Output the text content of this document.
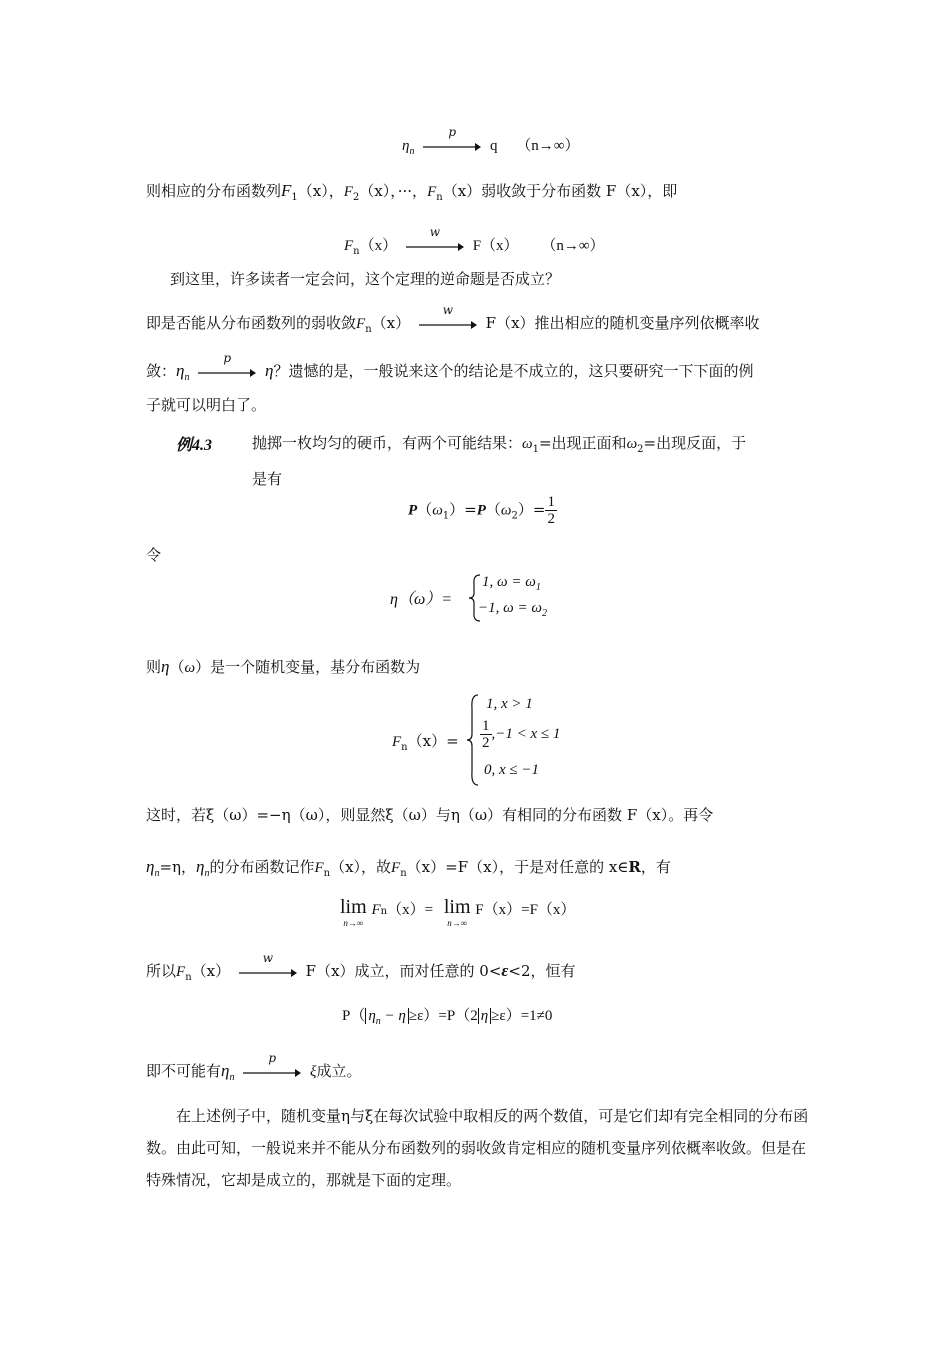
$\eta_n$
p
q （n→∞）
则相应的分布函数列$F_1(x)$，$F_2(x)$，···，$F_n(x)$弱收敛于分布函数 F（x），即
$F_n(x)$
w
F（x） （n→∞）
到这里，许多读者一定会问，这个定理的逆命题是否成立？
即是否能从分布函数列的弱收敛$F_n(x)$
w
F（x）推出相应的随机变量序列依概率收
敛：$\eta_n$
p
η？遗憾的是，一般说来这个的结论是不成立的，这只要研究一下下面的例
子就可以明白了。
例4.3	抛掷一枚均匀的硬币，有两个可能结果：$\omega_1=$出现正面和$\omega_2=$出现反面，于
是有
$P(\omega_1)=P(\omega_2)= \frac{1}{2}$
令
η（ω）=
1, $\omega = \omega_1$
−1, $\omega = \omega_2$
则η（ω）是一个随机变量，基分布函数为
$F_n(x)=$
1, x > 1
$\frac{1}{2} ,-1 < x \le 1$
0, x ≤ −1
这时，若ξ（ω）=−η（ω），则显然ξ（ω）与η（ω）有相同的分布函数 F（x）。再令
$\eta_n=\eta$，$\eta_n$的分布函数记作$F_n(x)$，故$F_n(x)=F(x)$，于是对任意的 x∈R，有
lim
n→∞
$F_n(x)= \lim$
n→∞
F（x）=F（x）
所以$F_n(x)$
w
F（x）成立，而对任意的 0<ε<2，恒有
P（ $\eta_n - \eta \ge\varepsilon)=P(2$ η ≥ε）=1≠0
即不可能有$\eta_n$
p
ξ成立。
在上述例子中，随机变量η与ξ在每次试验中取相反的两个数值，可是它们却有完全相同的分布函数。由此可知，一般说来并不能从分布函数列的弱收敛肯定相应的随机变量序列依概率收敛。但是在特殊情况，它却是成立的，那就是下面的定理。
